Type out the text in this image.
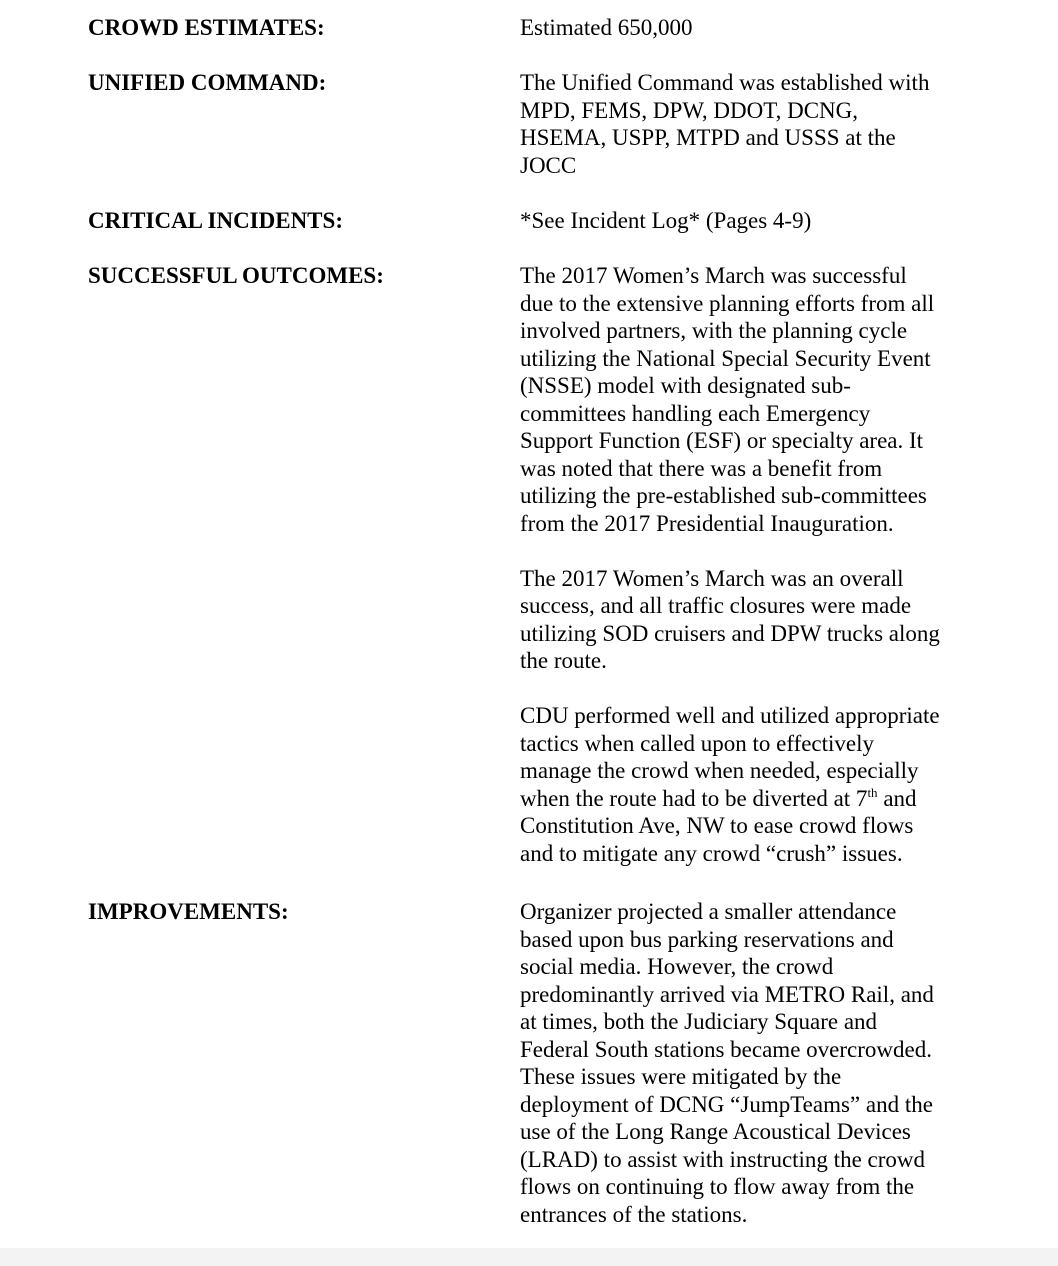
CROWD ESTIMATES:	Estimated 650,000
UNIFIED COMMAND:	The Unified Command was established with
MPD, FEMS, DPW, DDOT, DCNG,
HSEMA, USPP, MTPD and USSS at the
JOCC
CRITICAL INCIDENTS:	*See Incident Log* (Pages 4-9)
SUCCESSFUL OUTCOMES:	The 2017 Women’s March was successful
due to the extensive planning efforts from all
involved partners, with the planning cycle
utilizing the National Special Security Event
(NSSE) model with designated sub-
committees handling each Emergency
Support Function (ESF) or specialty area. It
was noted that there was a benefit from
utilizing the pre-established sub-committees
from the 2017 Presidential Inauguration.
The 2017 Women’s March was an overall
success, and all traffic closures were made
utilizing SOD cruisers and DPW trucks along
the route.
CDU performed well and utilized appropriate
tactics when called upon to effectively
manage the crowd when needed, especially
when the route had to be diverted at 7th and
Constitution Ave, NW to ease crowd flows
and to mitigate any crowd “crush” issues.
IMPROVEMENTS:	Organizer projected a smaller attendance
based upon bus parking reservations and
social media. However, the crowd
predominantly arrived via METRO Rail, and
at times, both the Judiciary Square and
Federal South stations became overcrowded.
These issues were mitigated by the
deployment of DCNG “JumpTeams” and the
use of the Long Range Acoustical Devices
(LRAD) to assist with instructing the crowd
flows on continuing to flow away from the
entrances of the stations.
